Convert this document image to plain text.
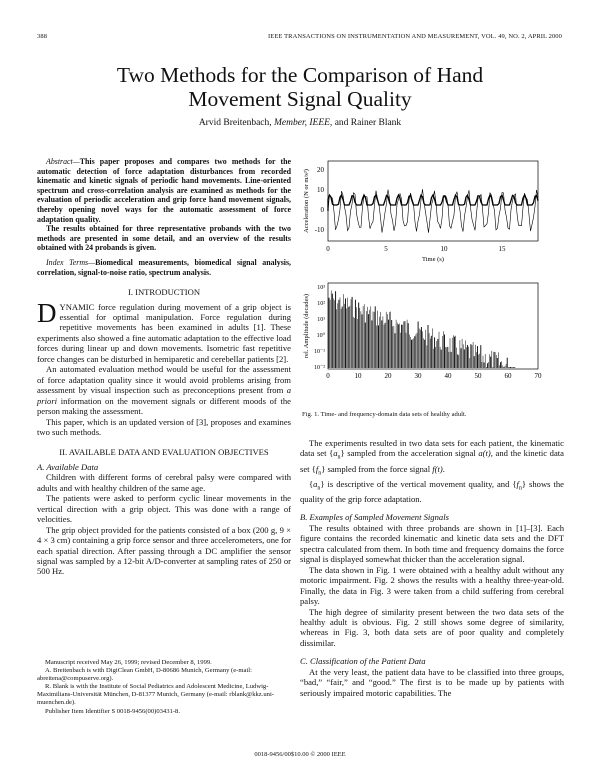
388	IEEE TRANSACTIONS ON INSTRUMENTATION AND MEASUREMENT, VOL. 49, NO. 2, APRIL 2000
Two Methods for the Comparison of Hand
Movement Signal Quality
Arvid Breitenbach, Member, IEEE, and Rainer Blank

Abstract—This paper proposes and compares two methods for the automatic detection of force adaptation disturbances from recorded kinematic and kinetic signals of periodic hand movements. Line-oriented spectrum and cross-correlation analysis are examined as methods for the evaluation of periodic acceleration and grip force hand movement signals, thereby opening novel ways for the automatic assessment of force adaptation quality.

The results obtained for three representative probands with the two methods are presented in some detail, and an overview of the results obtained with 24 probands is given.

Index Terms—Biomedical measurements, biomedical signal analysis, correlation, signal-to-noise ratio, spectrum analysis.

I. INTRODUCTION

DYNAMIC force regulation during movement of a grip object is essential for optimal manipulation. Force regulation during repetitive movements has been examined in adults [1]. These experiments also showed a fine automatic adaptation to the effective load forces during linear up and down movements. Isometric fast repetitive force changes can be disturbed in hemiparetic and cerebellar patients [2].

An automated evaluation method would be useful for the assessment of force adaptation quality since it would avoid problems arising from assessment by visual inspection such as preconceptions present from a priori information on the movement signals or different moods of the person making the assessment.

This paper, which is an updated version of [3], proposes and examines two such methods.

II. AVAILABLE DATA AND EVALUATION OBJECTIVES

A. Available Data

Children with different forms of cerebral palsy were compared with adults and with healthy children of the same age.

The patients were asked to perform cyclic linear movements in the vertical direction with a grip object. This was done with a range of velocities.

The grip object provided for the patients consisted of a box (200 g, 9 × 4 × 3 cm) containing a grip force sensor and three accelerometers, one for each spatial direction. After passing through a DC amplifier the sensor signal was sampled by a 12-bit A/D-converter at sampling rates of 250 or 500 Hz.

Manuscript received May 26, 1999; revised December 8, 1999.

A. Breitenbach is with DigiClean GmbH, D-80686 Munich, Germany (e-mail: abreitena@compuserve.org).

R. Blank is with the Institute of Social Pediatrics and Adolescent Medicine, Ludwig-Maximilians-Universität München, D-81377 Munich, Germany (e-mail: rblank@kkz.uni-muenchen.de).

Publisher Item Identifier S 0018-9456(00)03431-8.

20
10
0
-10
0	5	10	15
Time (s)
Acceleration (N or m/s²)
10³
10²
10¹
10⁰
10⁻¹
10⁻²
0	10	20	30	40	50	60	70
rel. Amplitude (decades)
Fig. 1. Time- and frequency-domain data sets of healthy adult.

The experiments resulted in two data sets for each patient, the kinematic data set $\{a_n\}$ sampled from the acceleration signal a(t), and the kinetic data set $\{f_n\}$ sampled from the force signal f(t).

$\{a_n\}$ is descriptive of the vertical movement quality, and $\{f_n\}$ shows the quality of the grip force adaptation.

B. Examples of Sampled Movement Signals

The results obtained with three probands are shown in [1]–[3]. Each figure contains the recorded kinematic and kinetic data sets and the DFT spectra calculated from them. In both time and frequency domains the force signal is displayed somewhat thicker than the acceleration signal.

The data shown in Fig. 1 were obtained with a healthy adult without any motoric impairment. Fig. 2 shows the results with a healthy three-year-old. Finally, the data in Fig. 3 were taken from a child suffering from cerebral palsy.

The high degree of similarity present between the two data sets of the healthy adult is obvious. Fig. 2 still shows some degree of similarity, whereas in Fig. 3, both data sets are of poor quality and completely dissimilar.

C. Classification of the Patient Data

At the very least, the patient data have to be classified into three groups, “bad,” “fair,” and “good.” The first is to be made up by patients with seriously impaired motoric capabilities. The

0018-9456/00$10.00 © 2000 IEEE
